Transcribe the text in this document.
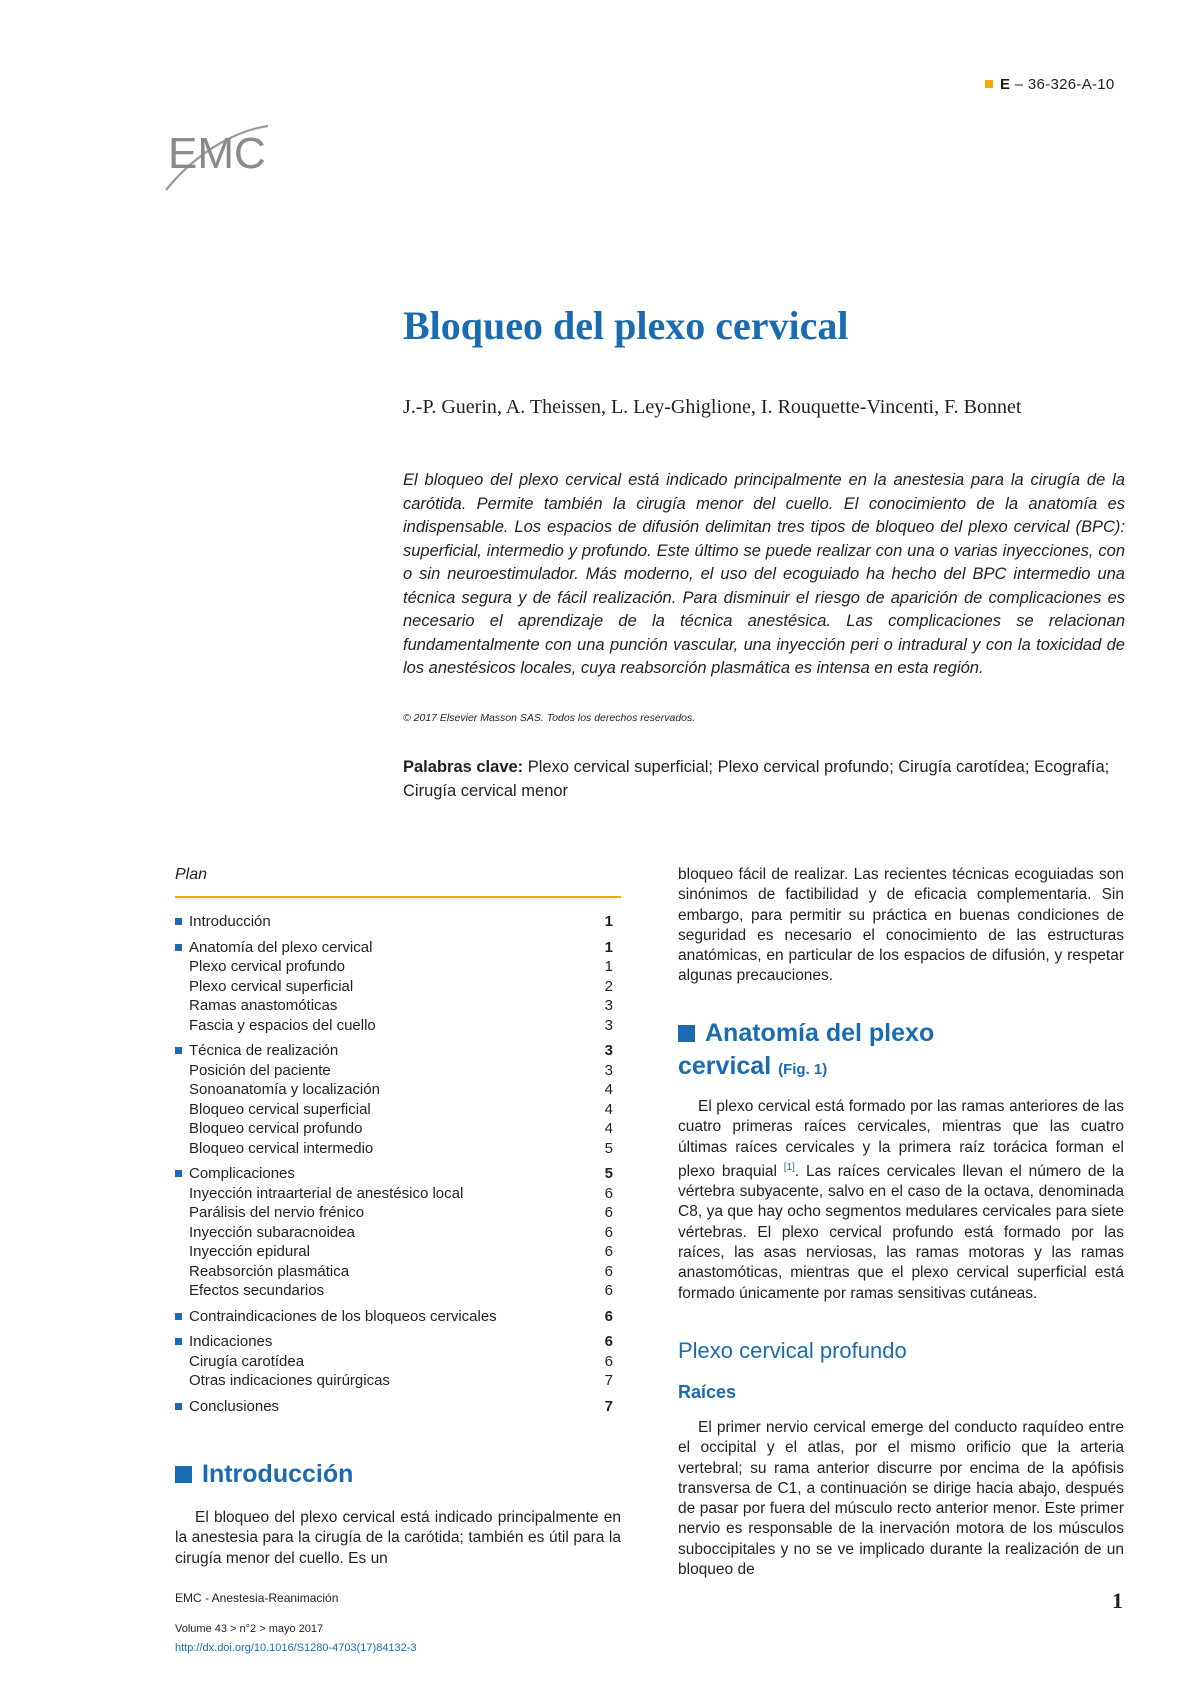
E – 36-326-A-10
EMC
Bloqueo del plexo cervical
J.-P. Guerin, A. Theissen, L. Ley-Ghiglione, I. Rouquette-Vincenti, F. Bonnet

El bloqueo del plexo cervical está indicado principalmente en la anestesia para la cirugía de la carótida. Permite también la cirugía menor del cuello. El conocimiento de la anatomía es indispensable. Los espacios de difusión delimitan tres tipos de bloqueo del plexo cervical (BPC): superficial, intermedio y profundo. Este último se puede realizar con una o varias inyecciones, con o sin neuroestimulador. Más moderno, el uso del ecoguiado ha hecho del BPC intermedio una técnica segura y de fácil realización. Para disminuir el riesgo de aparición de complicaciones es necesario el aprendizaje de la técnica anestésica. Las complicaciones se relacionan fundamentalmente con una punción vascular, una inyección peri o intradural y con la toxicidad de los anestésicos locales, cuya reabsorción plasmática es intensa en esta región.

© 2017 Elsevier Masson SAS. Todos los derechos reservados.
Palabras clave: Plexo cervical superficial; Plexo cervical profundo; Cirugía carotídea; Ecografía; Cirugía cervical menor
Plan
Introducción	1
Anatomía del plexo cervical	1
Plexo cervical profundo	1
Plexo cervical superficial	2
Ramas anastomóticas	3
Fascia y espacios del cuello	3
Técnica de realización	3
Posición del paciente	3
Sonoanatomía y localización	4
Bloqueo cervical superficial	4
Bloqueo cervical profundo	4
Bloqueo cervical intermedio	5
Complicaciones	5
Inyección intraarterial de anestésico local	6
Parálisis del nervio frénico	6
Inyección subaracnoidea	6
Inyección epidural	6
Reabsorción plasmática	6
Efectos secundarios	6
Contraindicaciones de los bloqueos cervicales	6
Indicaciones	6
Cirugía carotídea	6
Otras indicaciones quirúrgicas	7
Conclusiones	7
Introducción

El bloqueo del plexo cervical está indicado principalmente en la anestesia para la cirugía de la carótida; también es útil para la cirugía menor del cuello. Es un

bloqueo fácil de realizar. Las recientes técnicas ecoguiadas son sinónimos de factibilidad y de eficacia complementaria. Sin embargo, para permitir su práctica en buenas condiciones de seguridad es necesario el conocimiento de las estructuras anatómicas, en particular de los espacios de difusión, y respetar algunas precauciones.

Anatomía del plexo
cervical (Fig. 1)

El plexo cervical está formado por las ramas anteriores de las cuatro primeras raíces cervicales, mientras que las cuatro últimas raíces cervicales y la primera raíz torácica forman el plexo braquial [1]. Las raíces cervicales llevan el número de la vértebra subyacente, salvo en el caso de la octava, denominada C8, ya que hay ocho segmentos medulares cervicales para siete vértebras. El plexo cervical profundo está formado por las raíces, las asas nerviosas, las ramas motoras y las ramas anastomóticas, mientras que el plexo cervical superficial está formado únicamente por ramas sensitivas cutáneas.

Plexo cervical profundo
Raíces

El primer nervio cervical emerge del conducto raquídeo entre el occipital y el atlas, por el mismo orificio que la arteria vertebral; su rama anterior discurre por encima de la apófisis transversa de C1, a continuación se dirige hacia abajo, después de pasar por fuera del músculo recto anterior menor. Este primer nervio es responsable de la inervación motora de los músculos suboccipitales y no se ve implicado durante la realización de un bloqueo de

EMC - Anestesia-Reanimación
Volume 43 > n°2 > mayo 2017
http://dx.doi.org/10.1016/S1280-4703(17)84132-3
1
